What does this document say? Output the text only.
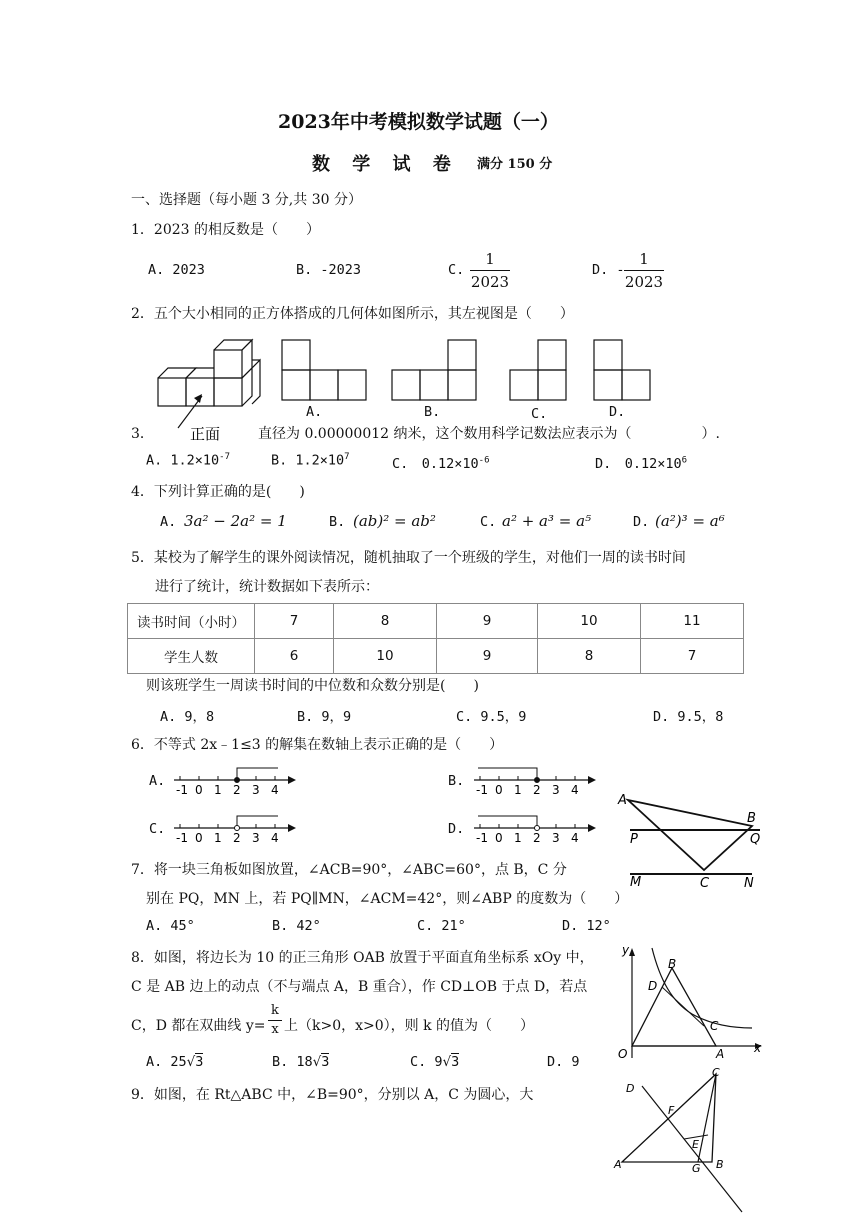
2023年中考模拟数学试题（一）
数 学 试 卷 满分 150 分
一、选择题（每小题 3 分,共 30 分）
1．2023 的相反数是（　　）
A. 2023	B. -2023	C.
1
2023
D. -
1
2023
2．五个大小相同的正方体搭成的几何体如图所示，其左视图是（　　）
正面
A.	B.	C.	D.
3．	直径为 0.00000012 纳米，这个数用科学记数法应表示为（　　　　　）.
A. $1.2\times 10^{-7}$	B. $1.2\times 10^7$	C.　$0.12\times 10^{-6}$	D.　$0.12\times 10^6$
4．下列计算正确的是(　　)
A. 3a² − 2a² = 1	B. (ab)² = ab²	C. a² + a³ = a⁵	D. (a²)³ = a⁶
5．某校为了解学生的课外阅读情况，随机抽取了一个班级的学生，对他们一周的读书时间
进行了统计，统计数据如下表所示：
读书时间（小时）	7	8	9	10	11
学生人数	6	10	9	8	7
则该班学生一周读书时间的中位数和众数分别是(　　)
A. 9，8	B. 9，9	C. 9.5，9	D. 9.5，8
6．不等式 2x﹣1≤3 的解集在数轴上表示正确的是（　　）
A.	B.
C.	D.
-1 0 1 2 3 4	-1 0 1 2 3 4
-1 0 1 2 3 4	-1 0 1 2 3 4
A
B
P	Q
M	C	N
7．将一块三角板如图放置，∠ACB=90°，∠ABC=60°，点 B，C 分
别在 PQ，MN 上，若 PQ∥MN，∠ACM=42°，则∠ABP 的度数为（　　）
A. 45°	B. 42°	C. 21°	D. 12°
8．如图，将边长为 10 的正三角形 OAB 放置于平面直角坐标系 xOy 中，
C 是 AB 边上的动点（不与端点 A，B 重合），作 CD⊥OB 于点 D，若点
C，D 都在双曲线 y=
k
x 上（k>0，x>0），则 k 的值为（　　）
A. 25√3	B. 18√3	C. 9√3	D. 9
y
x
O	A
B
C
D
9．如图，在 Rt△ABC 中，∠B=90°，分别以 A，C 为圆心，大
C
D
F
E
A	G B
